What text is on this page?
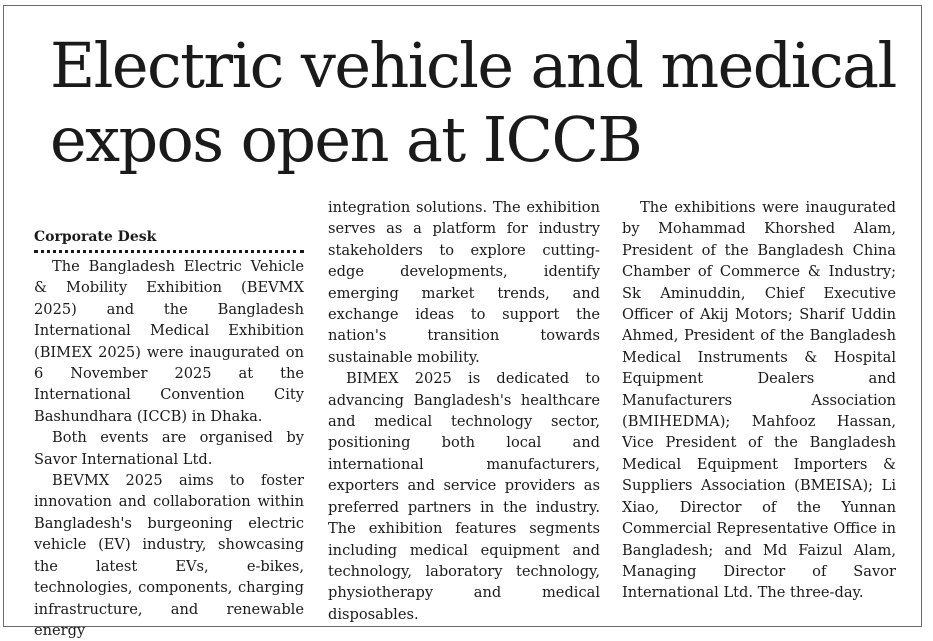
Electric vehicle and medical expos open at ICCB
Corporate Desk

The Bangladesh Electric Vehicle & Mobility Exhibition (BEVMX 2025) and the Bangladesh International Medical Exhibition (BIMEX 2025) were inaugurated on 6 November 2025 at the International Convention City Bashundhara (ICCB) in Dhaka.

Both events are organised by Savor International Ltd.

BEVMX 2025 aims to foster innovation and collaboration within Bangladesh's burgeoning electric vehicle (EV) industry, showcasing the latest EVs, e-bikes, technologies, components, charging infrastructure, and renewable energy

integration solutions. The exhibition serves as a platform for industry stakeholders to explore cutting-edge developments, identify emerging market trends, and exchange ideas to support the nation's transition towards sustainable mobility.

BIMEX 2025 is dedicated to advancing Bangladesh's healthcare and medical technology sector, positioning both local and international manufacturers, exporters and service providers as preferred partners in the industry. The exhibition features segments including medical equipment and technology, laboratory technology, physiotherapy and medical disposables.

The exhibitions were inaugurated by Mohammad Khorshed Alam, President of the Bangladesh China Chamber of Commerce & Industry; Sk Aminuddin, Chief Executive Officer of Akij Motors; Sharif Uddin Ahmed, President of the Bangladesh Medical Instruments & Hospital Equipment Dealers and Manufacturers Association (BMIHEDMA); Mahfooz Hassan, Vice President of the Bangladesh Medical Equipment Importers & Suppliers Association (BMEISA); Li Xiao, Director of the Yunnan Commercial Representative Office in Bangladesh; and Md Faizul Alam, Managing Director of Savor International Ltd. The three-day.
